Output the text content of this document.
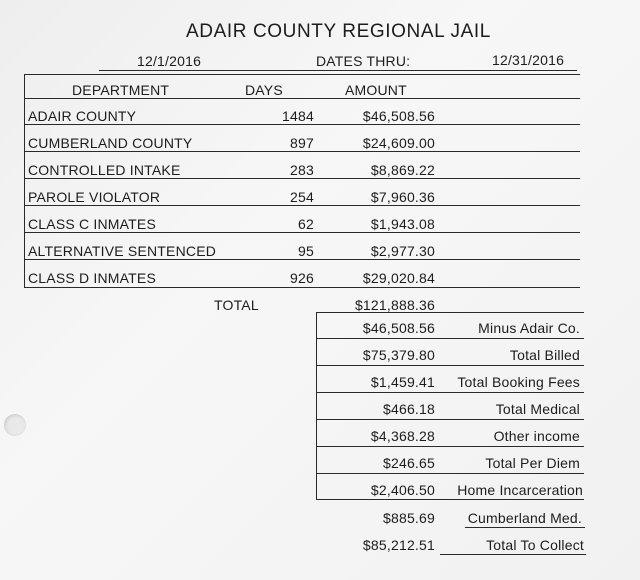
ADAIR COUNTY REGIONAL JAIL
12/1/2016	DATES THRU:	12/31/2016
DEPARTMENT	DAYS	AMOUNT
ADAIR COUNTY	1484	$46,508.56
CUMBERLAND COUNTY	897	$24,609.00
CONTROLLED INTAKE	283	$8,869.22
PAROLE VIOLATOR	254	$7,960.36
CLASS C INMATES	62	$1,943.08
ALTERNATIVE SENTENCED	95	$2,977.30
CLASS D INMATES	926	$29,020.84
TOTAL	$121,888.36
$46,508.56	Minus Adair Co.
$75,379.80	Total Billed
$1,459.41	Total Booking Fees
$466.18	Total Medical
$4,368.28	Other income
$246.65	Total Per Diem
$2,406.50	Home Incarceration
$885.69	Cumberland Med.
$85,212.51	Total To Collect
